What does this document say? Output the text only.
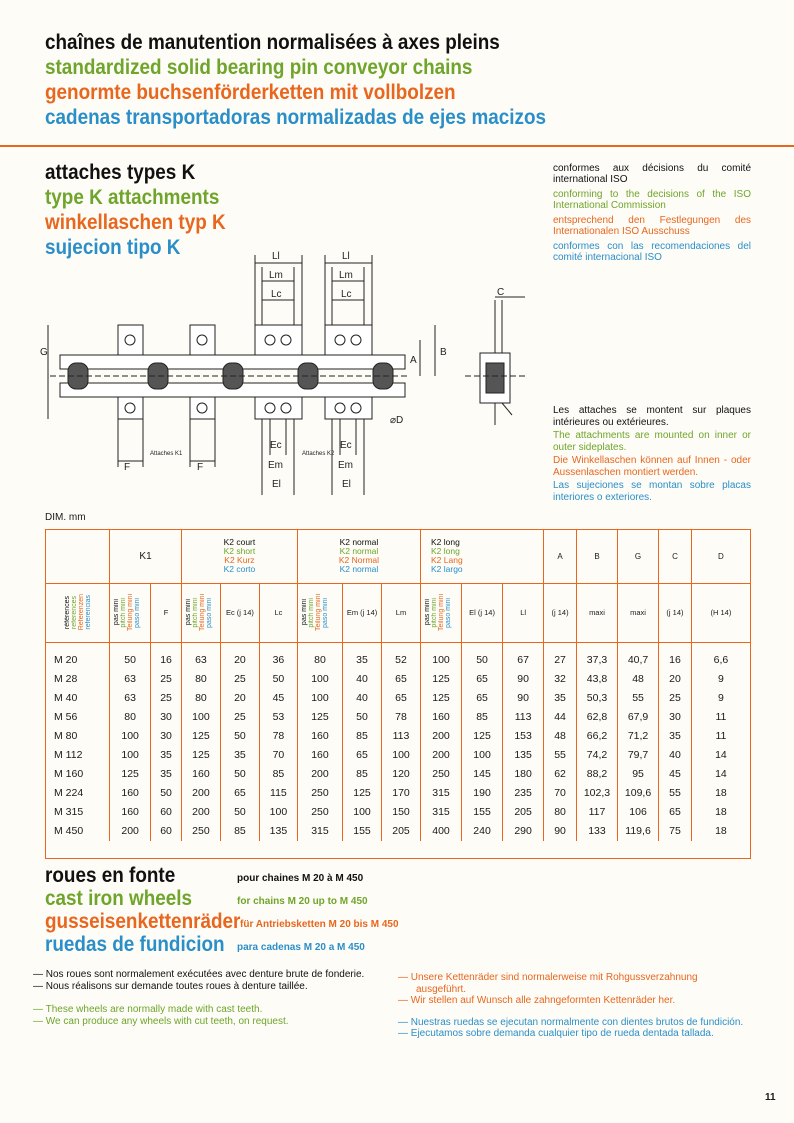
chaînes de manutention normalisées à axes pleins
standardized solid bearing pin conveyor chains
genormte buchsenförderketten mit vollbolzen
cadenas transportadoras normalizadas de ejes macizos
attaches types K
type K attachments
winkellaschen typ K
sujecion tipo K

conformes aux décisions du comité international ISO

conforming to the decisions of the ISO International Commission

entsprechend den Festlegungen des Internationalen ISO Ausschuss

conformes con las recomendaciones del comité internacional ISO

Ll
Lm
Lc
Ll
Lm
Lc
G
A
B
C
F	F
Attaches K1
Ec
Em
El
Attaches K2
Ec
Em
El
⌀D

Les attaches se montent sur plaques intérieures ou extérieures.

The attachments are mounted on inner or outer sideplates.

Die Winkellaschen können auf Innen - oder Aussenlaschen montiert werden.

Las sujeciones se montan sobre placas interiores o exteriores.

DIM. mm
	K1		K2 court
K2 short
K2 Kurz
K2 corto			K2 normal
K2 normal
K2 Normal
K2 normal			K2 long
K2 long
K2 Lang
K2 largo			A	B	G	C	D

références references Referenzen referencias	pas mini pitch mini Teilung mini paso mini	F	pas mini pitch mini Teilung mini paso mini	Ec (j 14)	Lc	pas mini pitch mini Teilung mini paso mini	Em (j 14)	Lm	pas mini pitch mini Teilung mini paso mini	El (j 14)	Ll	(j 14)	maxi	maxi	(j 14)	(H 14)
M 20	50	16	63	20	36	80	35	52	100	50	67	27	37,3	40,7	16	6,6
M 28	63	25	80	25	50	100	40	65	125	65	90	32	43,8	48	20	9
M 40	63	25	80	20	45	100	40	65	125	65	90	35	50,3	55	25	9
M 56	80	30	100	25	53	125	50	78	160	85	113	44	62,8	67,9	30	11
M 80	100	30	125	50	78	160	85	113	200	125	153	48	66,2	71,2	35	11
M 112	100	35	125	35	70	160	65	100	200	100	135	55	74,2	79,7	40	14
M 160	125	35	160	50	85	200	85	120	250	145	180	62	88,2	95	45	14
M 224	160	50	200	65	115	250	125	170	315	190	235	70	102,3	109,6	55	18
M 315	160	60	200	50	100	250	100	150	315	155	205	80	117	106	65	18
M 450	200	60	250	85	135	315	155	205	400	240	290	90	133	119,6	75	18
roues en fonte
cast iron wheels
gusseisenkettenräder
ruedas de fundicion
pour chaines M 20 à M 450
for chains M 20 up to M 450
für Antriebsketten M 20 bis M 450
para cadenas M 20 a M 450

— Nos roues sont normalement exécutées avec denture brute de fonderie.

— Nous réalisons sur demande toutes roues à denture taillée.

— These wheels are normally made with cast teeth.

— We can produce any wheels with cut teeth, on request.

— Unsere Kettenräder sind normalerweise mit Rohgussverzahnung ausgeführt.

— Wir stellen auf Wunsch alle zahngeformten Kettenräder her.

— Nuestras ruedas se ejecutan normalmente con dientes brutos de fundición.

— Ejecutamos sobre demanda cualquier tipo de rueda dentada tallada.

11
